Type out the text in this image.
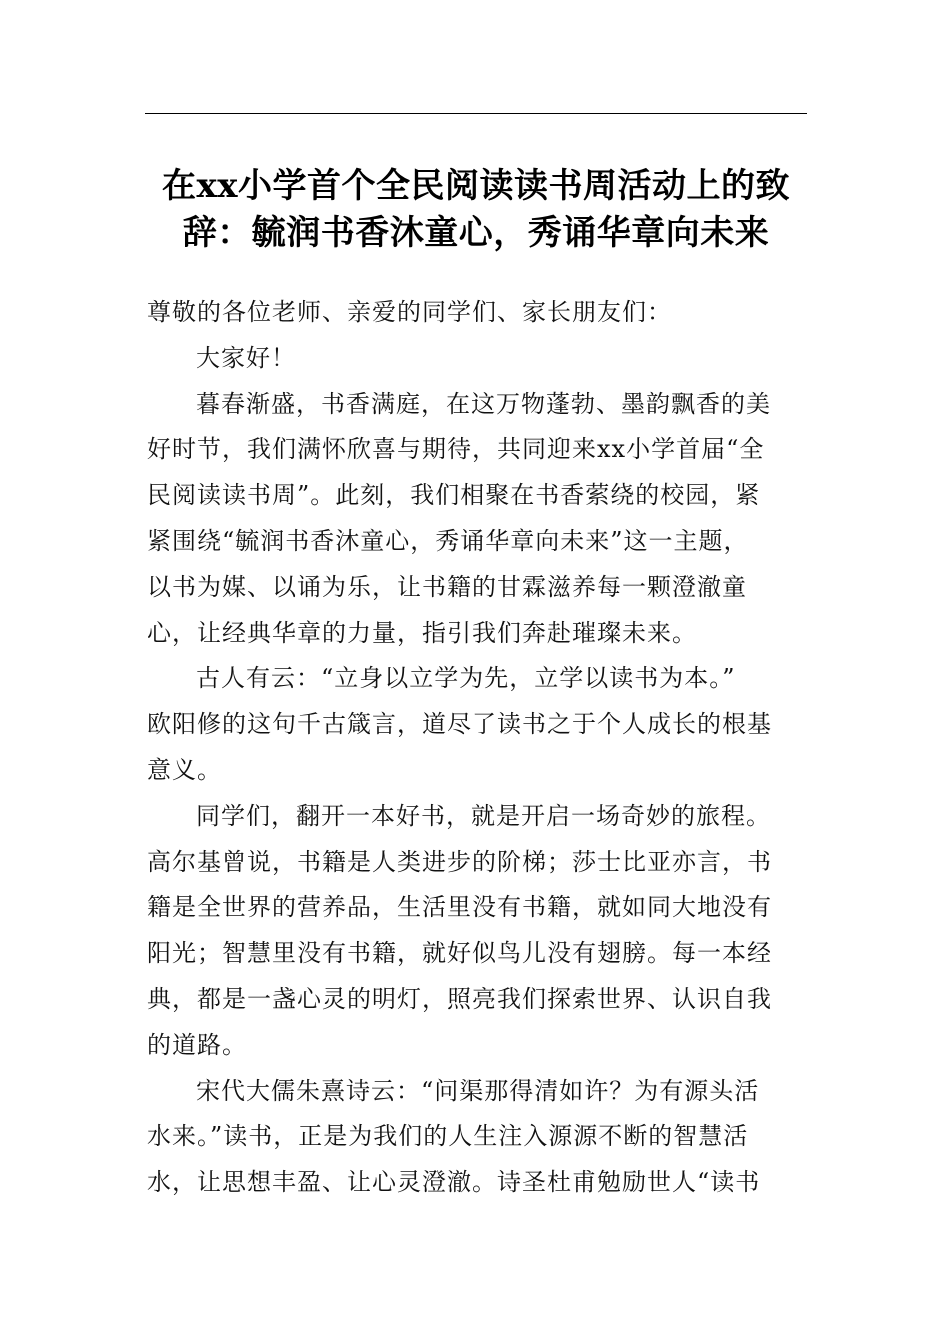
在xx小学首个全民阅读读书周活动上的致
辞：毓润书香沐童心，秀诵华章向未来
尊敬的各位老师、亲爱的同学们、家长朋友们：
大家好！
暮春渐盛，书香满庭，在这万物蓬勃、墨韵飘香的美
好时节，我们满怀欣喜与期待，共同迎来xx小学首届“全
民阅读读书周”。此刻，我们相聚在书香萦绕的校园，紧
紧围绕“毓润书香沐童心，秀诵华章向未来”这一主题，
以书为媒、以诵为乐，让书籍的甘霖滋养每一颗澄澈童
心，让经典华章的力量，指引我们奔赴璀璨未来。
古人有云：“立身以立学为先，立学以读书为本。”
欧阳修的这句千古箴言，道尽了读书之于个人成长的根基
意义。
同学们，翻开一本好书，就是开启一场奇妙的旅程。
高尔基曾说，书籍是人类进步的阶梯；莎士比亚亦言，书
籍是全世界的营养品，生活里没有书籍，就如同大地没有
阳光；智慧里没有书籍，就好似鸟儿没有翅膀。每一本经
典，都是一盏心灵的明灯，照亮我们探索世界、认识自我
的道路。
宋代大儒朱熹诗云：“问渠那得清如许？为有源头活
水来。”读书，正是为我们的人生注入源源不断的智慧活
水，让思想丰盈、让心灵澄澈。诗圣杜甫勉励世人“读书
